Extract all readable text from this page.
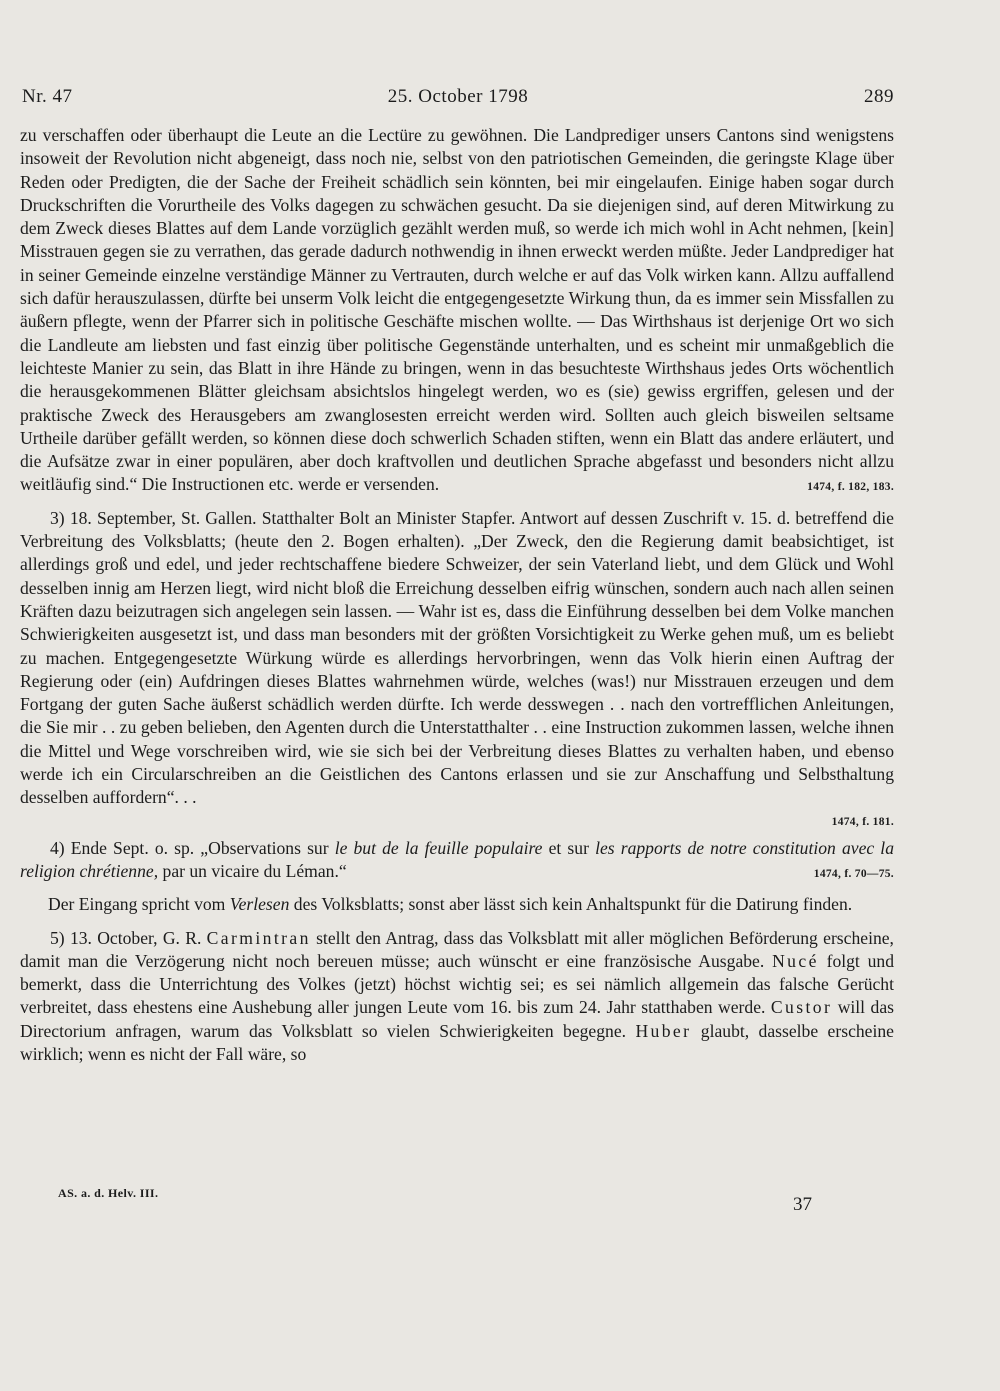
Nr. 47	25. October 1798	289

zu verschaffen oder überhaupt die Leute an die Lectüre zu gewöhnen. Die Landprediger unsers Cantons sind wenigstens insoweit der Revolution nicht abgeneigt, dass noch nie, selbst von den patriotischen Gemeinden, die geringste Klage über Reden oder Predigten, die der Sache der Freiheit schädlich sein könnten, bei mir eingelaufen. Einige haben sogar durch Druckschriften die Vorurtheile des Volks dagegen zu schwächen gesucht. Da sie diejenigen sind, auf deren Mitwirkung zu dem Zweck dieses Blattes auf dem Lande vorzüglich gezählt werden muß, so werde ich mich wohl in Acht nehmen, [kein] Misstrauen gegen sie zu verrathen, das gerade dadurch nothwendig in ihnen erweckt werden müßte. Jeder Landprediger hat in seiner Gemeinde einzelne verständige Männer zu Vertrauten, durch welche er auf das Volk wirken kann. Allzu auffallend sich dafür herauszulassen, dürfte bei unserm Volk leicht die entgegengesetzte Wirkung thun, da es immer sein Missfallen zu äußern pflegte, wenn der Pfarrer sich in politische Geschäfte mischen wollte. — Das Wirthshaus ist derjenige Ort wo sich die Landleute am liebsten und fast einzig über politische Gegenstände unterhalten, und es scheint mir unmaßgeblich die leichteste Manier zu sein, das Blatt in ihre Hände zu bringen, wenn in das besuchteste Wirthshaus jedes Orts wöchentlich die herausgekommenen Blätter gleichsam absichtslos hingelegt werden, wo es (sie) gewiss ergriffen, gelesen und der praktische Zweck des Herausgebers am zwanglosesten erreicht werden wird. Sollten auch gleich bisweilen seltsame Urtheile darüber gefällt werden, so können diese doch schwerlich Schaden stiften, wenn ein Blatt das andere erläutert, und die Aufsätze zwar in einer populären, aber doch kraftvollen und deutlichen Sprache abgefasst und besonders nicht allzu weitläufig sind.“ Die Instructionen etc. werde er versenden.	1474, f. 182, 183.

3) 18. September, St. Gallen. Statthalter Bolt an Minister Stapfer. Antwort auf dessen Zuschrift v. 15. d. betreffend die Verbreitung des Volksblatts; (heute den 2. Bogen erhalten). „Der Zweck, den die Regierung damit beabsichtiget, ist allerdings groß und edel, und jeder rechtschaffene biedere Schweizer, der sein Vaterland liebt, und dem Glück und Wohl desselben innig am Herzen liegt, wird nicht bloß die Erreichung desselben eifrig wünschen, sondern auch nach allen seinen Kräften dazu beizutragen sich angelegen sein lassen. — Wahr ist es, dass die Einführung desselben bei dem Volke manchen Schwierigkeiten ausgesetzt ist, und dass man besonders mit der größten Vorsichtigkeit zu Werke gehen muß, um es beliebt zu machen. Entgegengesetzte Würkung würde es allerdings hervorbringen, wenn das Volk hierin einen Auftrag der Regierung oder (ein) Aufdringen dieses Blattes wahrnehmen würde, welches (was!) nur Misstrauen erzeugen und dem Fortgang der guten Sache äußerst schädlich werden dürfte. Ich werde desswegen . . nach den vortrefflichen Anleitungen, die Sie mir . . zu geben belieben, den Agenten durch die Unterstatthalter . . eine Instruction zukommen lassen, welche ihnen die Mittel und Wege vorschreiben wird, wie sie sich bei der Verbreitung dieses Blattes zu verhalten haben, und ebenso werde ich ein Circularschreiben an die Geistlichen des Cantons erlassen und sie zur Anschaffung und Selbsthaltung desselben auffordern“. . .

1474, f. 181.

4) Ende Sept. o. sp. „Observations sur le but de la feuille populaire et sur les rapports de notre constitution avec la religion chrétienne, par un vicaire du Léman.“	1474, f. 70—75.

Der Eingang spricht vom Verlesen des Volksblatts; sonst aber lässt sich kein Anhaltspunkt für die Datirung finden.

5) 13. October, G. R. Carmintran stellt den Antrag, dass das Volksblatt mit aller möglichen Beförderung erscheine, damit man die Verzögerung nicht noch bereuen müsse; auch wünscht er eine französische Ausgabe. Nucé folgt und bemerkt, dass die Unterrichtung des Volkes (jetzt) höchst wichtig sei; es sei nämlich allgemein das falsche Gerücht verbreitet, dass ehestens eine Aushebung aller jungen Leute vom 16. bis zum 24. Jahr statthaben werde. Custor will das Directorium anfragen, warum das Volksblatt so vielen Schwierigkeiten begegne. Huber glaubt, dasselbe erscheine wirklich; wenn es nicht der Fall wäre, so

AS. a. d. Helv. III.
37
